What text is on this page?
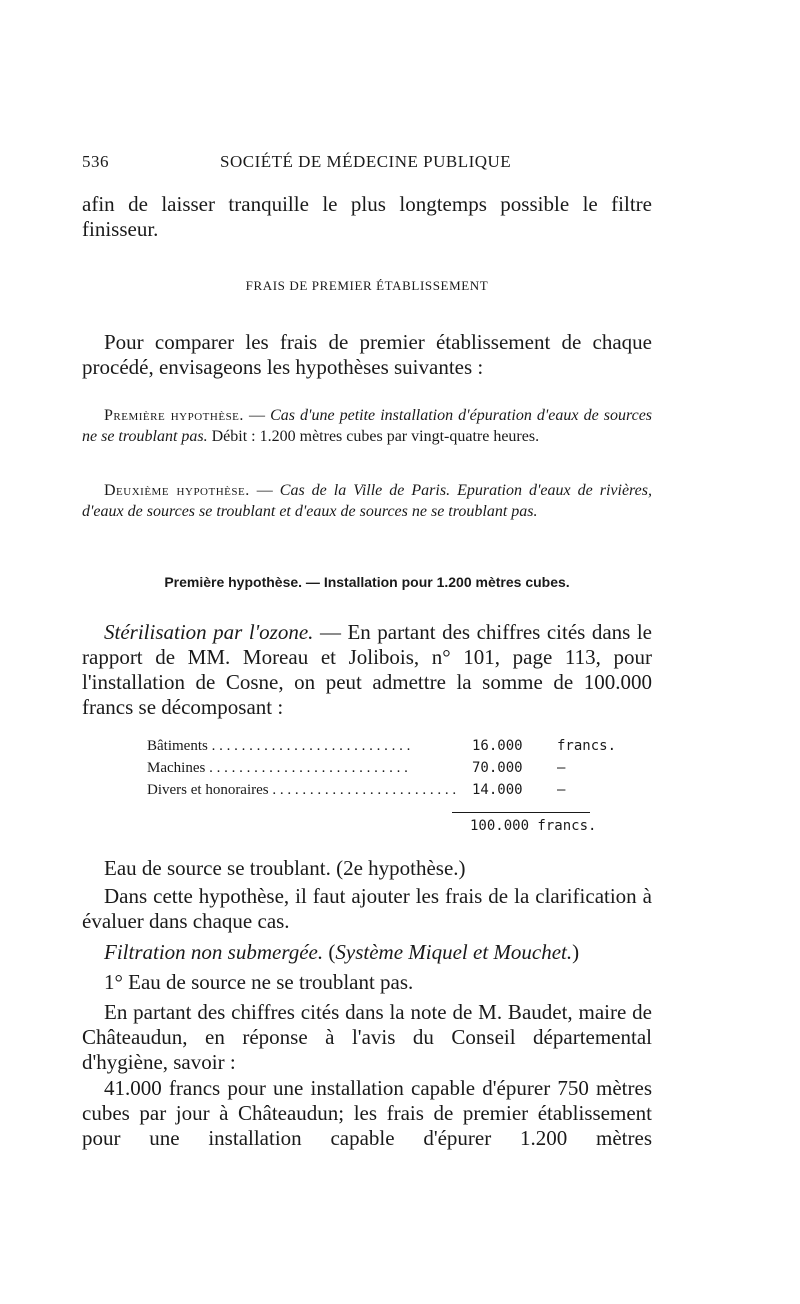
536	SOCIÉTÉ DE MÉDECINE PUBLIQUE

afin de laisser tranquille le plus longtemps possible le filtre finisseur.

FRAIS DE PREMIER ÉTABLISSEMENT

Pour comparer les frais de premier établissement de chaque procédé, envisageons les hypothèses suivantes :

Première hypothèse. — Cas d'une petite installation d'épuration d'eaux de sources ne se troublant pas. Débit : 1.200 mètres cubes par vingt-quatre heures.

Deuxième hypothèse. — Cas de la Ville de Paris. Epuration d'eaux de rivières, d'eaux de sources se troublant et d'eaux de sources ne se troublant pas.

Première hypothèse. — Installation pour 1.200 mètres cubes.

Stérilisation par l'ozone. — En partant des chiffres cités dans le rapport de MM. Moreau et Jolibois, n° 101, page 113, pour l'installation de Cosne, on peut admettre la somme de 100.000 francs se décomposant :

Bâtiments . . .	16.000 francs.
Machines . . .	70.000 —
Divers et honoraires . . .	14.000 —
100.000 francs.

Eau de source se troublant. (2e hypothèse.)

Dans cette hypothèse, il faut ajouter les frais de la clarification à évaluer dans chaque cas.

Filtration non submergée. (Système Miquel et Mouchet.)

1° Eau de source ne se troublant pas.

En partant des chiffres cités dans la note de M. Baudet, maire de Châteaudun, en réponse à l'avis du Conseil départemental d'hygiène, savoir :

41.000 francs pour une installation capable d'épurer 750 mètres cubes par jour à Châteaudun; les frais de premier établissement pour une installation capable d'épurer 1.200 mètres
